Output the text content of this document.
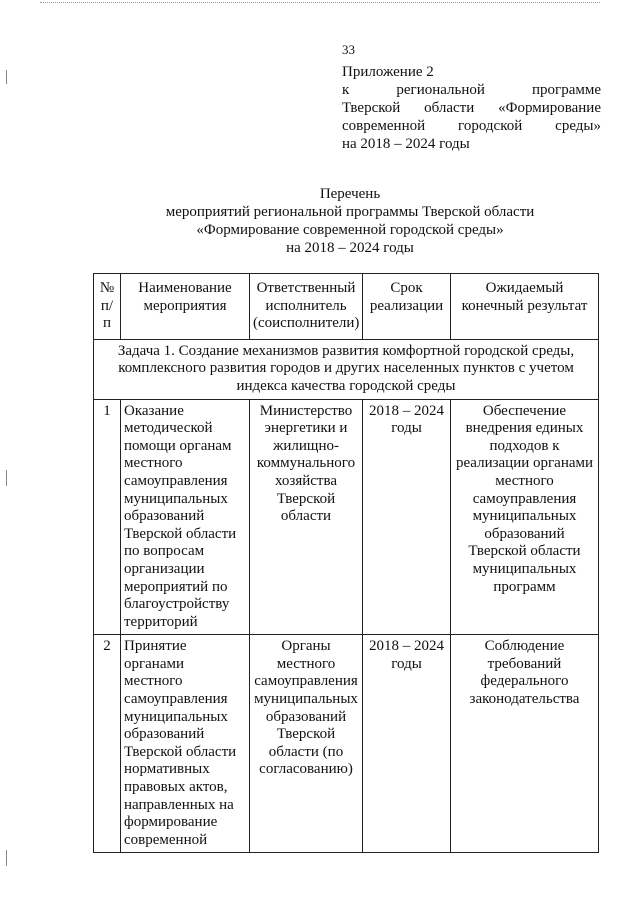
33
Приложение 2
к региональной программе
Тверской области «Формирование
современной городской среды»
на 2018 – 2024 годы
Перечень
мероприятий региональной программы Тверской области
«Формирование современной городской среды»
на 2018 – 2024 годы
№ п/п	Наименование мероприятия	Ответственный исполнитель (соисполнители)	Срок реализации	Ожидаемый конечный результат
Задача 1. Создание механизмов развития комфортной городской среды, комплексного развития городов и других населенных пунктов с учетом индекса качества городской среды				
1	Оказание методической помощи органам местного самоуправления муниципальных образований Тверской области по вопросам организации мероприятий по благоустройству территорий	Министерство энергетики и жилищно-коммунального хозяйства Тверской области	2018 – 2024 годы	Обеспечение внедрения единых подходов к реализации органами местного самоуправления муниципальных образований Тверской области муниципальных программ
2	Принятие органами местного самоуправления муниципальных образований Тверской области нормативных правовых актов, направленных на формирование современной	Органы местного самоуправления муниципальных образований Тверской области (по согласованию)	2018 – 2024 годы	Соблюдение требований федерального законодательства
